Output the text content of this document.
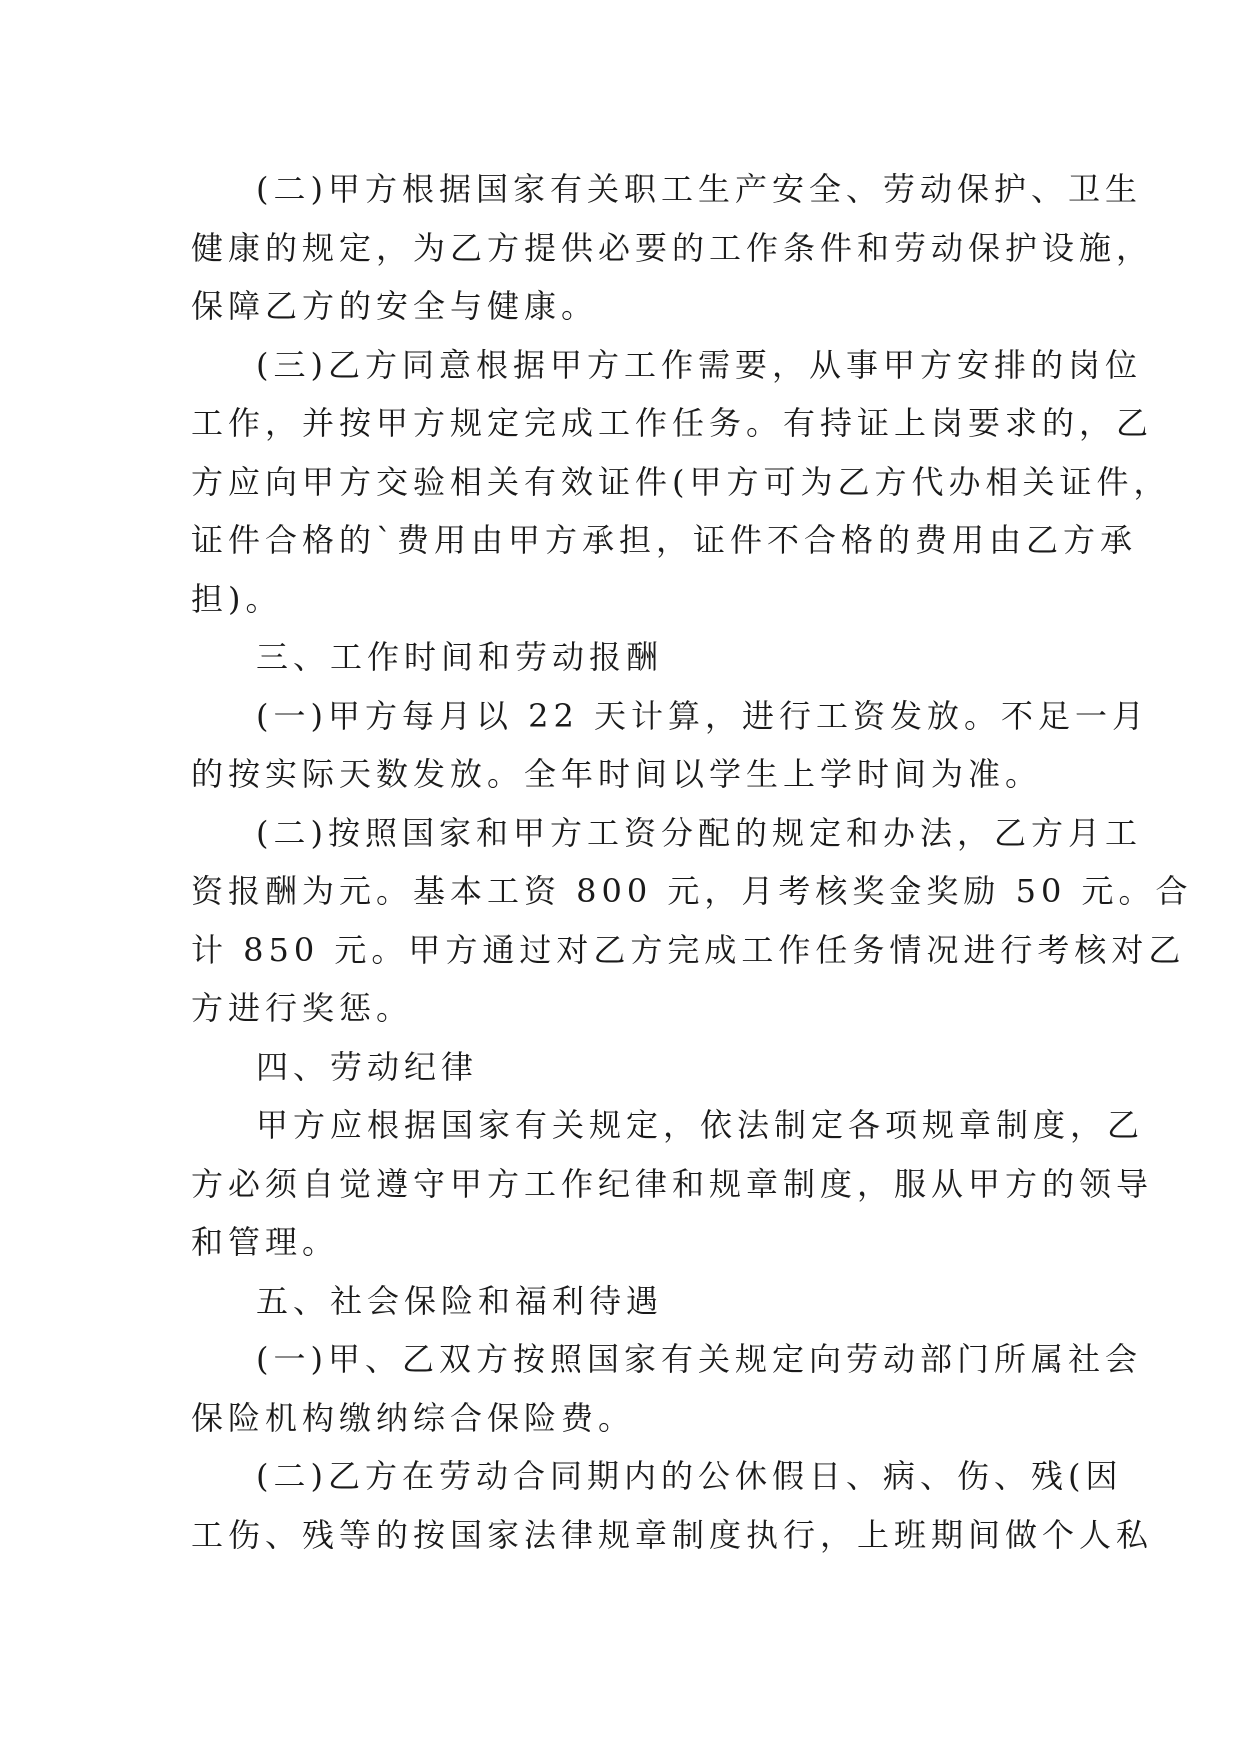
(二)甲方根据国家有关职工生产安全、劳动保护、卫生
健康的规定，为乙方提供必要的工作条件和劳动保护设施，
保障乙方的安全与健康。

(三)乙方同意根据甲方工作需要，从事甲方安排的岗位
工作，并按甲方规定完成工作任务。有持证上岗要求的，乙
方应向甲方交验相关有效证件(甲方可为乙方代办相关证件，
证件合格的`费用由甲方承担，证件不合格的费用由乙方承
担)。

三、工作时间和劳动报酬

(一)甲方每月以 22 天计算，进行工资发放。不足一月
的按实际天数发放。全年时间以学生上学时间为准。

(二)按照国家和甲方工资分配的规定和办法，乙方月工
资报酬为元。基本工资 800 元，月考核奖金奖励 50 元。合
计 850 元。甲方通过对乙方完成工作任务情况进行考核对乙
方进行奖惩。

四、劳动纪律

甲方应根据国家有关规定，依法制定各项规章制度，乙
方必须自觉遵守甲方工作纪律和规章制度，服从甲方的领导
和管理。

五、社会保险和福利待遇

(一)甲、乙双方按照国家有关规定向劳动部门所属社会
保险机构缴纳综合保险费。

(二)乙方在劳动合同期内的公休假日、病、伤、残(因
工伤、残等的按国家法律规章制度执行，上班期间做个人私
